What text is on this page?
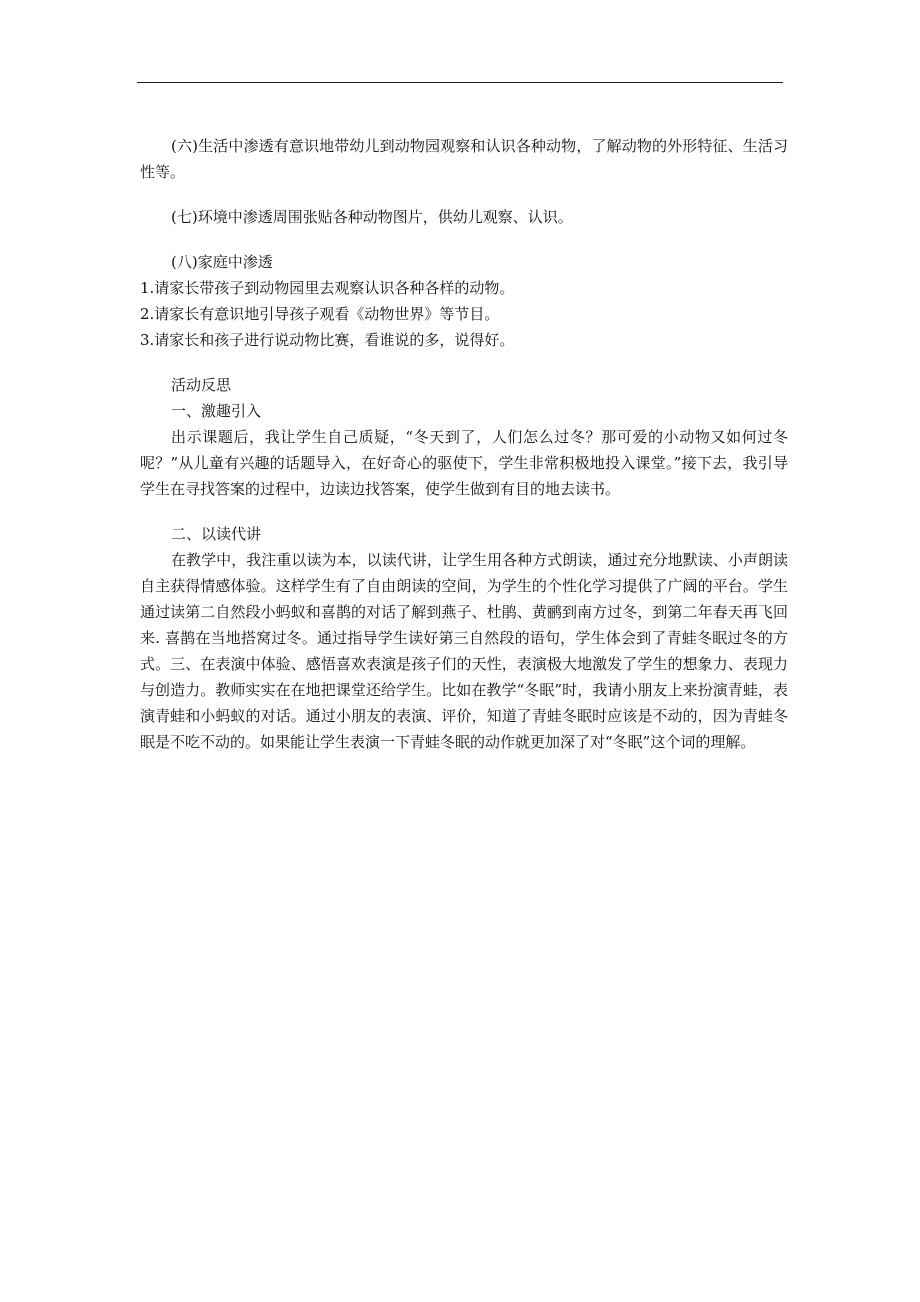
(六)生活中渗透有意识地带幼儿到动物园观察和认识各种动物，了解动物的外形特征、生活习性等。

(七)环境中渗透周围张贴各种动物图片，供幼儿观察、认识。

(八)家庭中渗透

1.请家长带孩子到动物园里去观察认识各种各样的动物。

2.请家长有意识地引导孩子观看《动物世界》等节目。

3.请家长和孩子进行说动物比赛，看谁说的多，说得好。

活动反思

一、激趣引入

出示课题后，我让学生自己质疑，“冬天到了，人们怎么过冬？那可爱的小动物又如何过冬呢？”从儿童有兴趣的话题导入，在好奇心的驱使下，学生非常积极地投入课堂。”接下去，我引导学生在寻找答案的过程中，边读边找答案，使学生做到有目的地去读书。

二、以读代讲

在教学中，我注重以读为本，以读代讲，让学生用各种方式朗读，通过充分地默读、小声朗读自主获得情感体验。这样学生有了自由朗读的空间，为学生的个性化学习提供了广阔的平台。学生通过读第二自然段小蚂蚁和喜鹊的对话了解到燕子、杜鹃、黄鹂到南方过冬，到第二年春天再飞回来. 喜鹊在当地搭窝过冬。通过指导学生读好第三自然段的语句，学生体会到了青蛙冬眠过冬的方式。三、在表演中体验、感悟喜欢表演是孩子们的天性，表演极大地激发了学生的想象力、表现力与创造力。教师实实在在地把课堂还给学生。比如在教学“冬眠”时，我请小朋友上来扮演青蛙，表演青蛙和小蚂蚁的对话。通过小朋友的表演、评价，知道了青蛙冬眠时应该是不动的，因为青蛙冬眠是不吃不动的。如果能让学生表演一下青蛙冬眠的动作就更加深了对“冬眠”这个词的理解。
